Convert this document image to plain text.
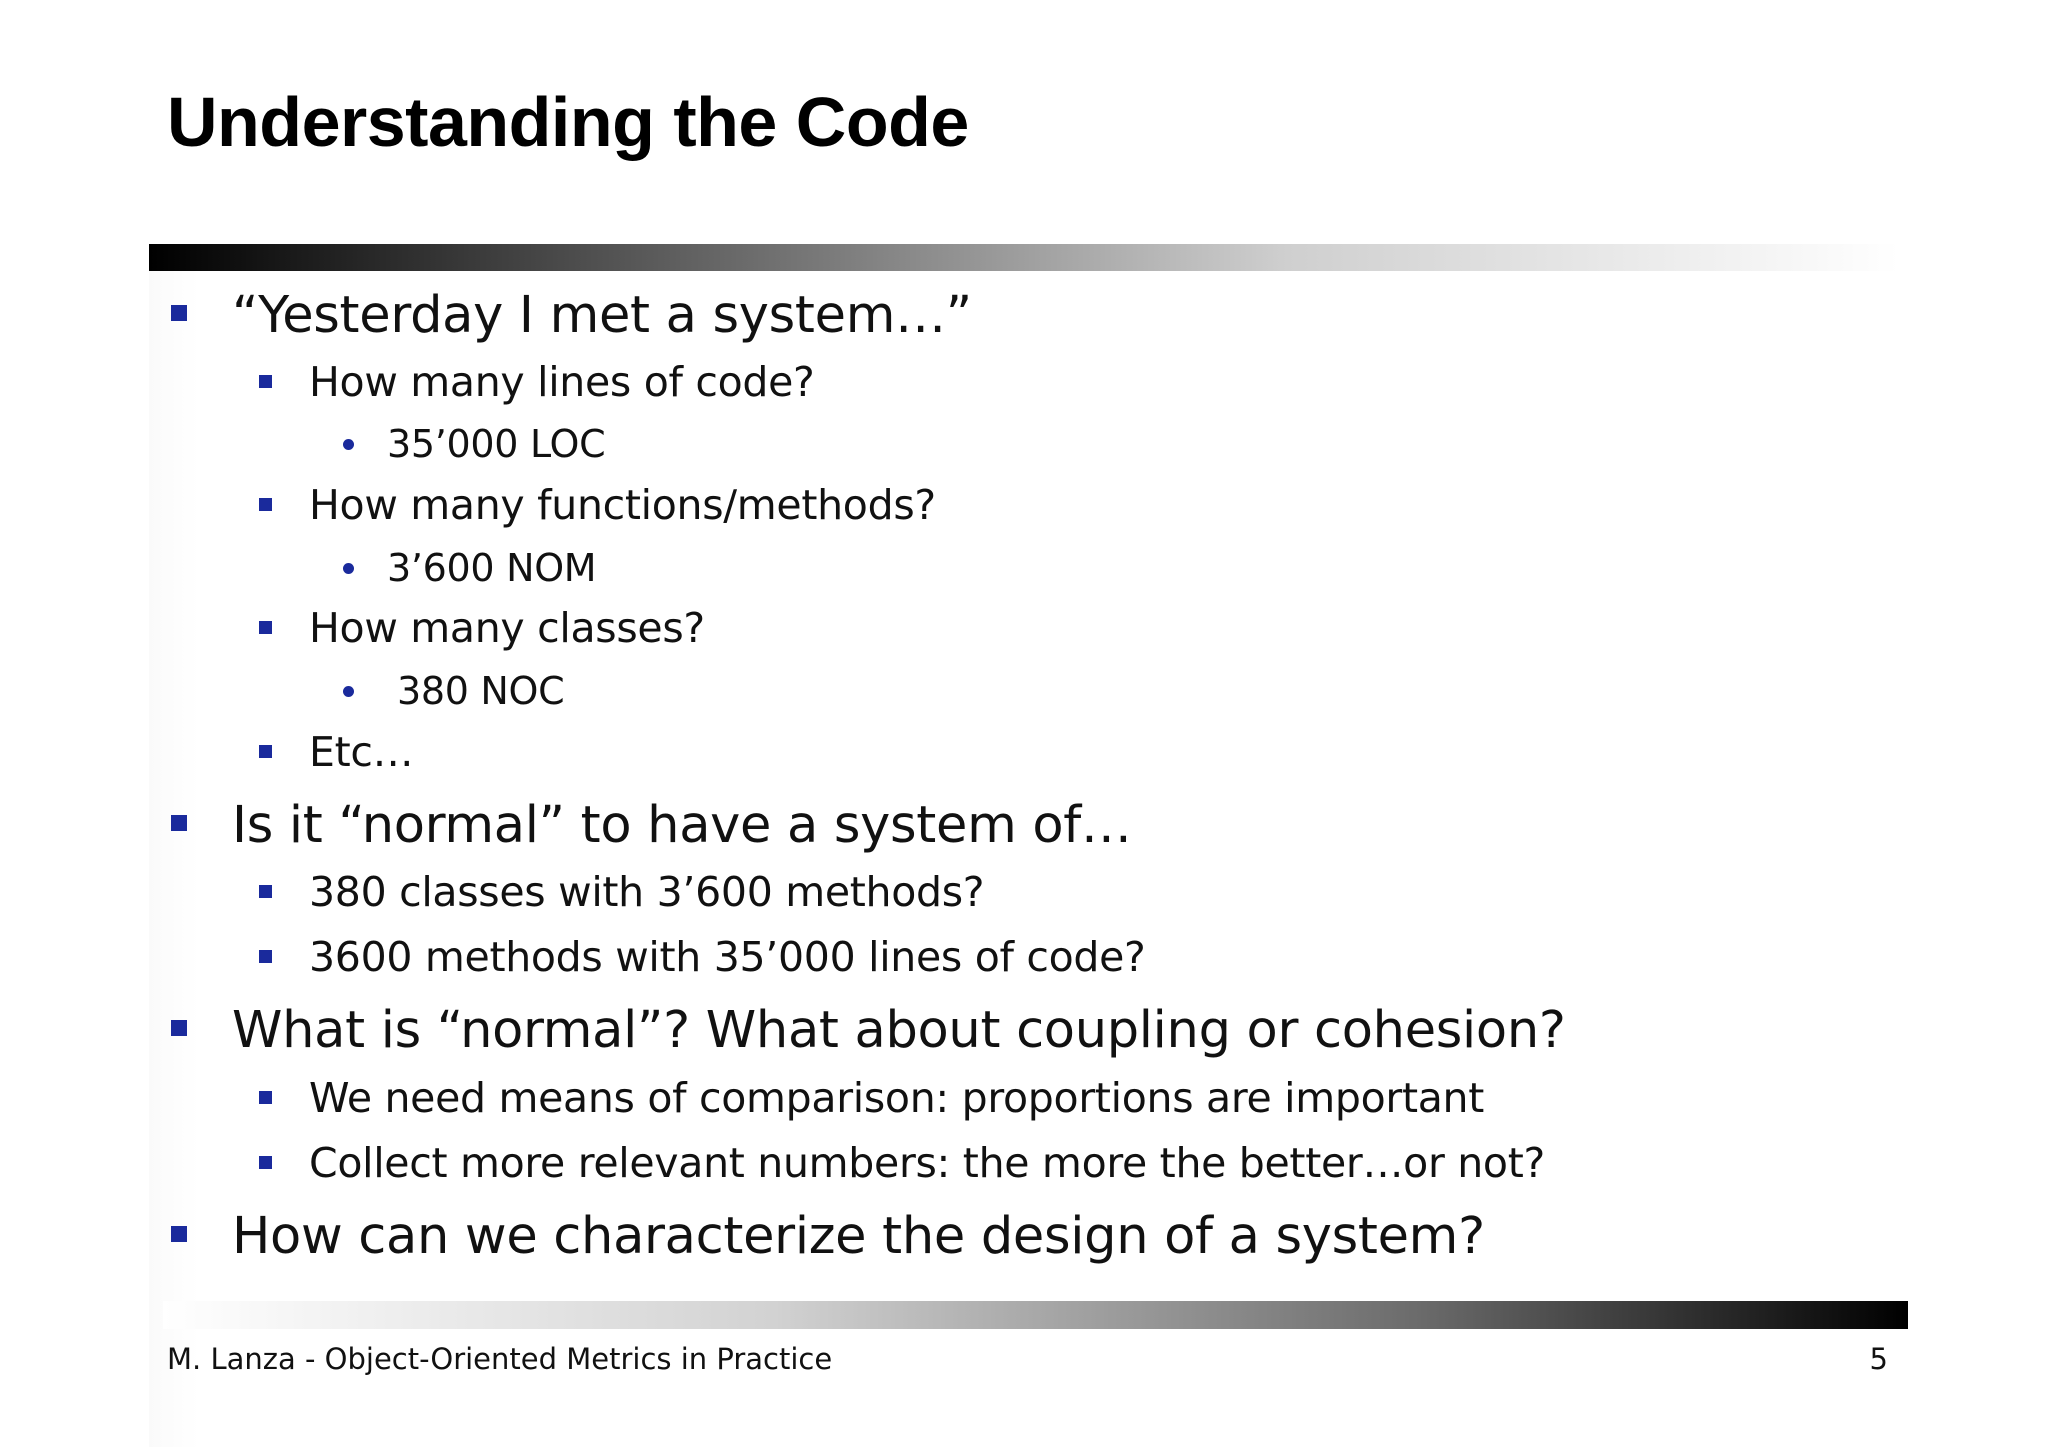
Understanding the Code
“Yesterday I met a system…”
How many lines of code?
35’000 LOC
How many functions/methods?
3’600 NOM
How many classes?
380 NOC
Etc…
Is it “normal” to have a system of…
380 classes with 3’600 methods?
3600 methods with 35’000 lines of code?
What is “normal”? What about coupling or cohesion?
We need means of comparison: proportions are important
Collect more relevant numbers: the more the better…or not?
How can we characterize the design of a system?
M. Lanza - Object-Oriented Metrics in Practice	5
